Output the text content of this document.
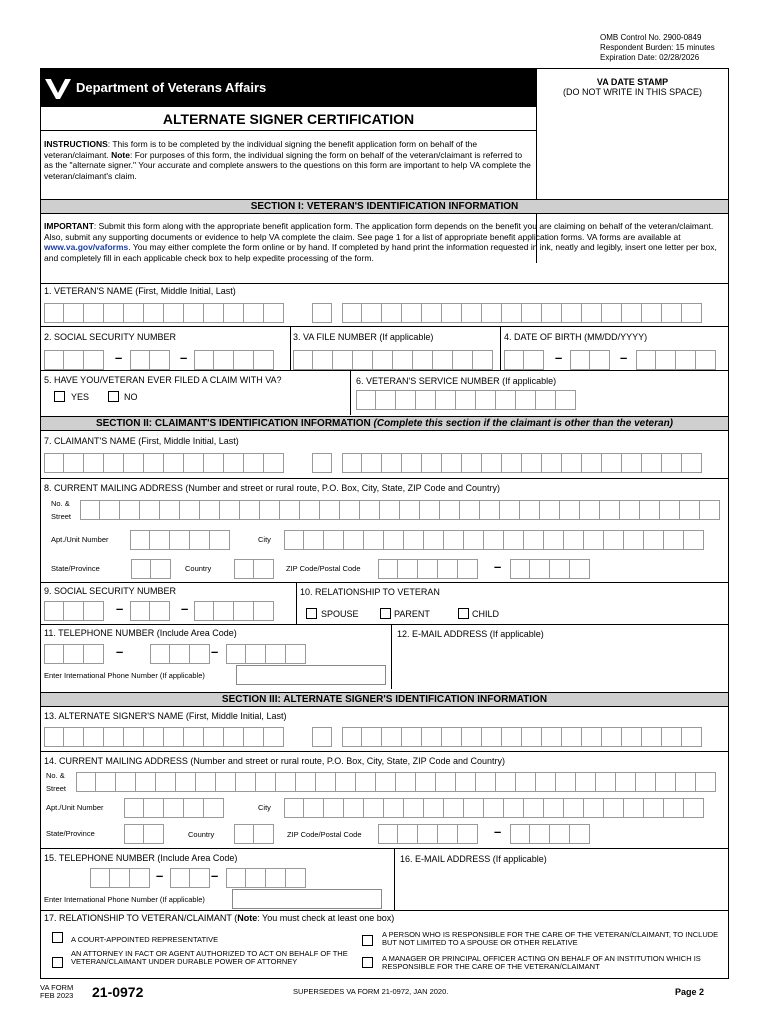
OMB Control No. 2900-0849
Respondent Burden: 15 minutes
Expiration Date: 02/28/2026
Department of Veterans Affairs	VA DATE STAMP
(DO NOT WRITE IN THIS SPACE)
ALTERNATE SIGNER CERTIFICATION
INSTRUCTIONS: This form is to be completed by the individual signing the benefit application form on behalf of the veteran/claimant. Note: For purposes of this form, the individual signing the form on behalf of the veteran/claimant is referred to as the "alternate signer." Your accurate and complete answers to the questions on this form are important to help VA complete the veteran/claimant's claim.
SECTION I: VETERAN'S IDENTIFICATION INFORMATION
IMPORTANT: Submit this form along with the appropriate benefit application form. The application form depends on the benefit you are claiming on behalf of the veteran/claimant. Also, submit any supporting documents or evidence to help VA complete the claim. See page 1 for a list of appropriate benefit application forms. VA forms are available at www.va.gov/vaforms. You may either complete the form online or by hand. If completed by hand print the information requested in ink, neatly and legibly, insert one letter per box, and completely fill in each applicable check box to help expedite processing of the form.
1. VETERAN'S NAME (First, Middle Initial, Last)
2. SOCIAL SECURITY NUMBER	3. VA FILE NUMBER (If applicable)	4. DATE OF BIRTH (MM/DD/YYYY)
–	–	–	–
5. HAVE YOU/VETERAN EVER FILED A CLAIM WITH VA?
YES	NO
6. VETERAN'S SERVICE NUMBER (If applicable)
SECTION II: CLAIMANT'S IDENTIFICATION INFORMATION (Complete this section if the claimant is other than the veteran)
7. CLAIMANT'S NAME (First, Middle Initial, Last)
8. CURRENT MAILING ADDRESS (Number and street or rural route, P.O. Box, City, State, ZIP Code and Country)
No. &
Street
Apt./Unit Number	City
State/Province	Country	ZIP Code/Postal Code	–
9. SOCIAL SECURITY NUMBER
–	–
10. RELATIONSHIP TO VETERAN
SPOUSE	PARENT	CHILD
11. TELEPHONE NUMBER (Include Area Code)
–	–
Enter International Phone Number (If applicable)
12. E-MAIL ADDRESS (If applicable)
SECTION III: ALTERNATE SIGNER'S IDENTIFICATION INFORMATION
13. ALTERNATE SIGNER'S NAME (First, Middle Initial, Last)
14. CURRENT MAILING ADDRESS (Number and street or rural route, P.O. Box, City, State, ZIP Code and Country)
No. &
Street
Apt./Unit Number	City
State/Province	Country	ZIP Code/Postal Code	–
15. TELEPHONE NUMBER (Include Area Code)
–	–
Enter International Phone Number (If applicable)
16. E-MAIL ADDRESS (If applicable)
17. RELATIONSHIP TO VETERAN/CLAIMANT (Note: You must check at least one box)
A COURT-APPOINTED REPRESENTATIVE
AN ATTORNEY IN FACT OR AGENT AUTHORIZED TO ACT ON BEHALF OF THE VETERAN/CLAIMANT UNDER DURABLE POWER OF ATTORNEY
A PERSON WHO IS RESPONSIBLE FOR THE CARE OF THE VETERAN/CLAIMANT, TO INCLUDE BUT NOT LIMITED TO A SPOUSE OR OTHER RELATIVE
A MANAGER OR PRINCIPAL OFFICER ACTING ON BEHALF OF AN INSTITUTION WHICH IS RESPONSIBLE FOR THE CARE OF THE VETERAN/CLAIMANT
VA FORM
FEB 2023 21-0972	SUPERSEDES VA FORM 21-0972, JAN 2020.	Page 2
